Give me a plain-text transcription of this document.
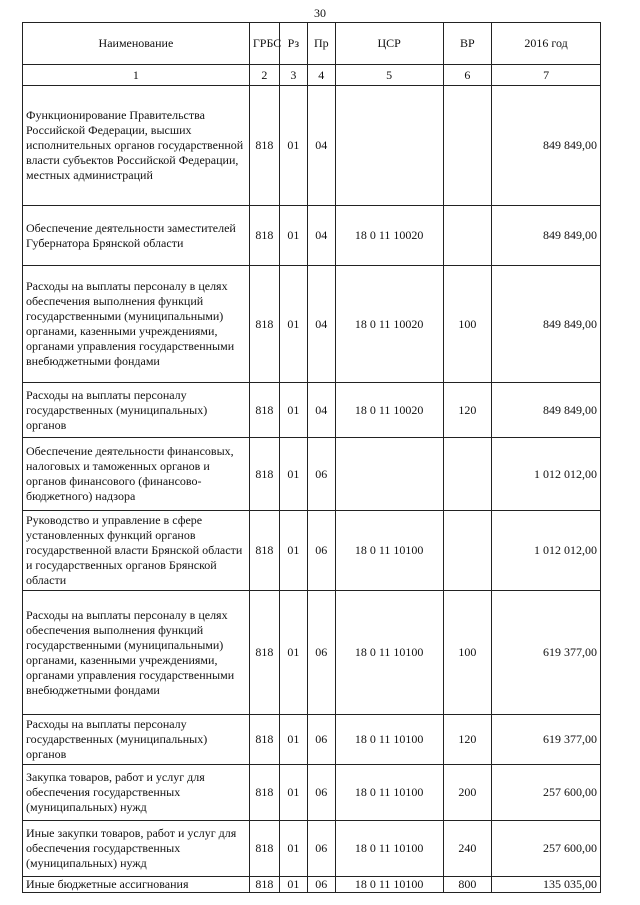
30
Наименование	ГРБС	Рз	Пр	ЦСР	ВР	2016 год
1	2	3	4	5	6	7
Функционирование Правительства Российской Федерации, высших исполнительных органов государственной власти субъектов Российской Федерации, местных администраций	818	01	04			849 849,00
Обеспечение деятельности заместителей Губернатора Брянской области	818	01	04	18 0 11 10020		849 849,00
Расходы на выплаты персоналу в целях обеспечения выполнения функций государственными (муниципальными) органами, казенными учреждениями, органами управления государственными внебюджетными фондами	818	01	04	18 0 11 10020	100	849 849,00
Расходы на выплаты персоналу государственных (муниципальных) органов	818	01	04	18 0 11 10020	120	849 849,00
Обеспечение деятельности финансовых, налоговых и таможенных органов и органов финансового (финансово-бюджетного) надзора	818	01	06			1 012 012,00
Руководство и управление в сфере установленных функций органов государственной власти Брянской области и государственных органов Брянской области	818	01	06	18 0 11 10100		1 012 012,00
Расходы на выплаты персоналу в целях обеспечения выполнения функций государственными (муниципальными) органами, казенными учреждениями, органами управления государственными внебюджетными фондами	818	01	06	18 0 11 10100	100	619 377,00
Расходы на выплаты персоналу государственных (муниципальных) органов	818	01	06	18 0 11 10100	120	619 377,00
Закупка товаров, работ и услуг для обеспечения государственных (муниципальных) нужд	818	01	06	18 0 11 10100	200	257 600,00
Иные закупки товаров, работ и услуг для обеспечения государственных (муниципальных) нужд	818	01	06	18 0 11 10100	240	257 600,00
Иные бюджетные ассигнования	818	01	06	18 0 11 10100	800	135 035,00
